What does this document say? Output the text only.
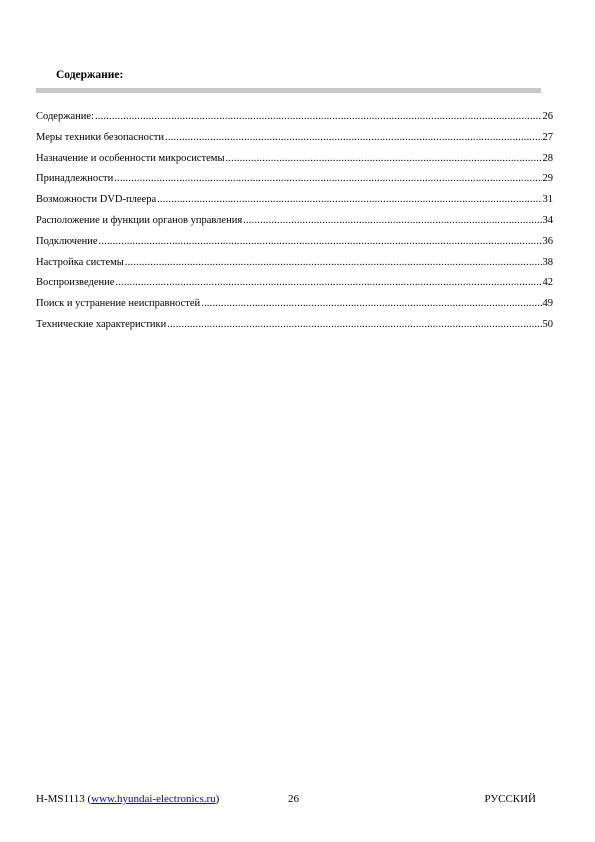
Содержание:
Содержание: .....	26
Меры техники безопасности .....	27
Назначение и особенности микросистемы .....	28
Принадлежности .....	29
Возможности DVD-плеера .....	31
Расположение и функции органов управления .....	34
Подключение .....	36
Настройка системы .....	38
Воспроизведение .....	42
Поиск и устранение неисправностей .....	49
Технические характеристики .....	50
H-MS1113 (www.hyundai-electronics.ru)	26	РУССКИЙ
